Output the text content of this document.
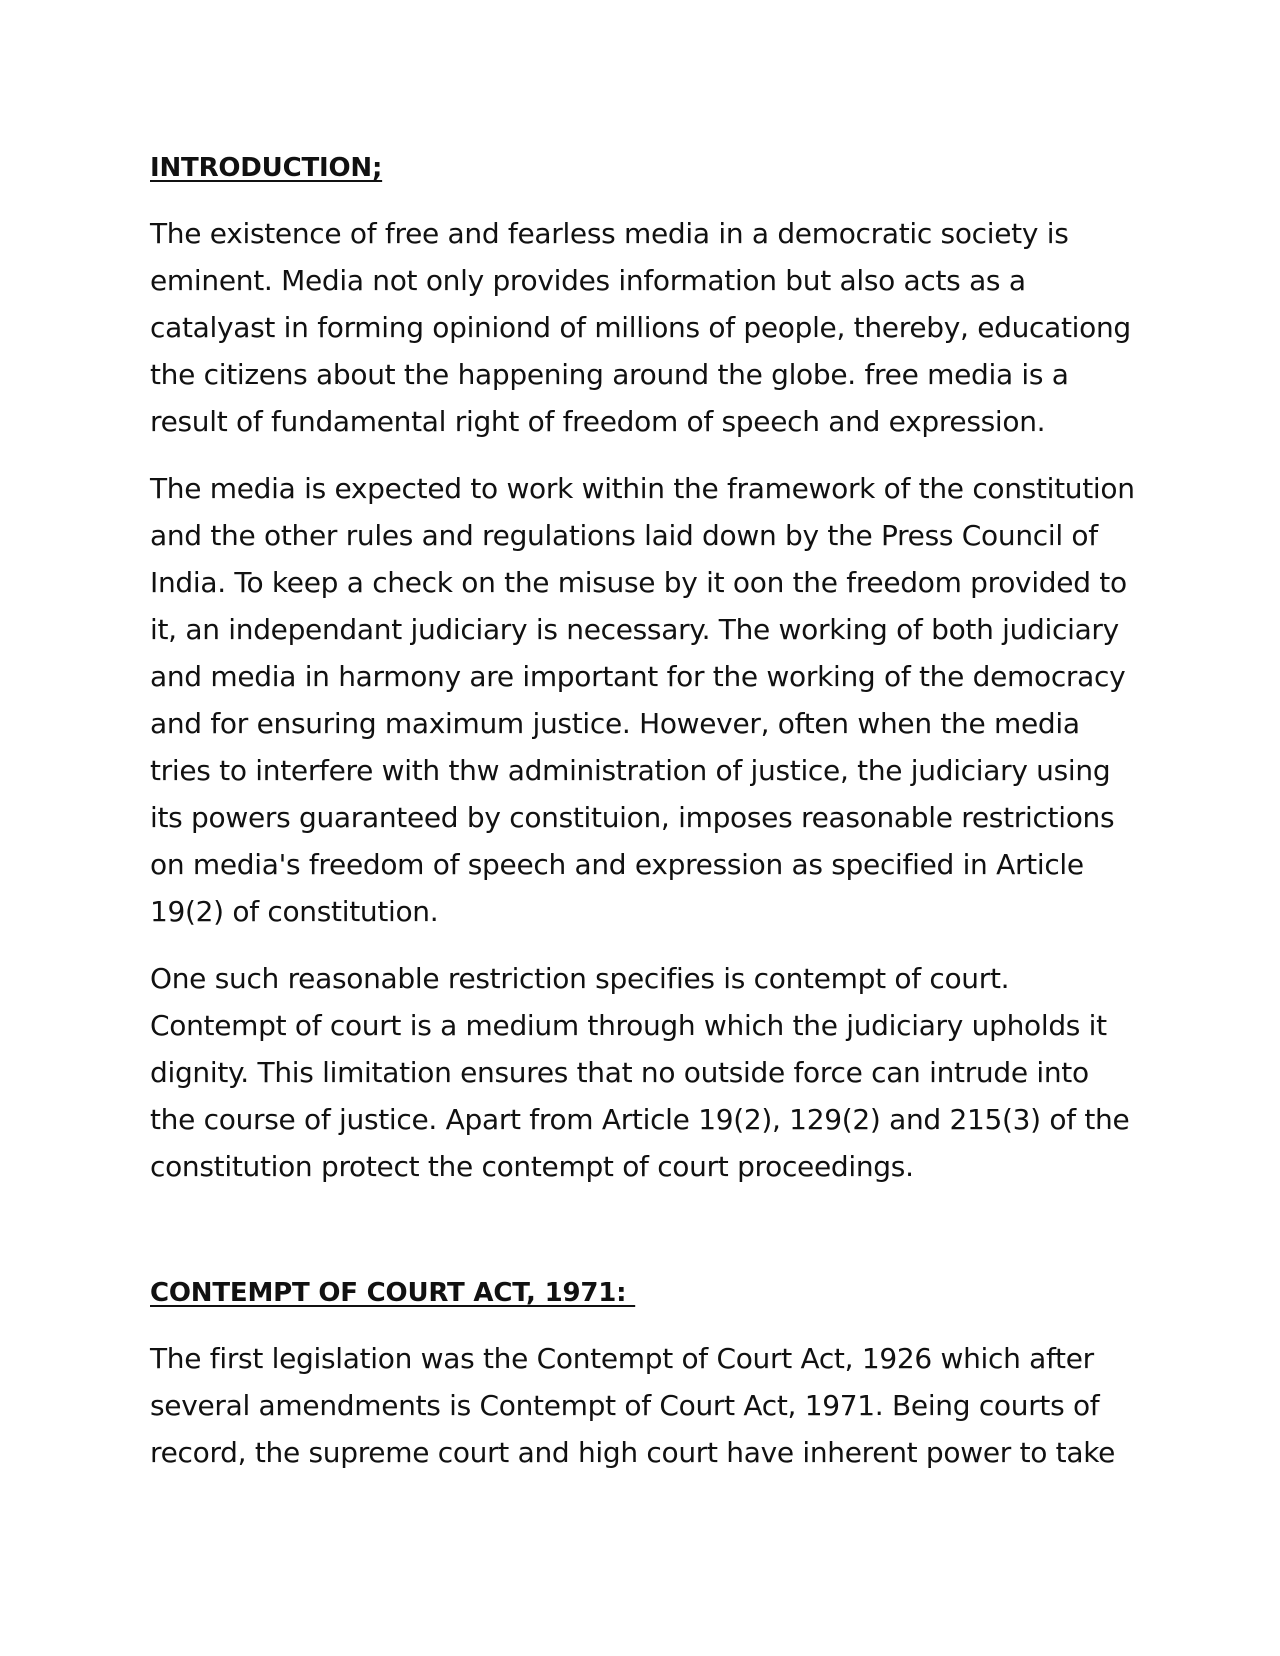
INTRODUCTION;

The existence of free and fearless media in a democratic society is eminent. Media not only provides information but also acts as a catalyast in forming opiniond of millions of people, thereby, educationg the citizens about the happening around the globe. free media is a result of fundamental right of freedom of speech and expression.

The media is expected to work within the framework of the constitution and the other rules and regulations laid down by the Press Council of India. To keep a check on the misuse by it oon the freedom provided to it, an independant judiciary is necessary. The working of both judiciary and media in harmony are important for the working of the democracy and for ensuring maximum justice. However, often when the media tries to interfere with thw administration of justice, the judiciary using its powers guaranteed by constituion, imposes reasonable restrictions on media's freedom of speech and expression as specified in Article 19(2) of constitution.

One such reasonable restriction specifies is contempt of court. Contempt of court is a medium through which the judiciary upholds it dignity. This limitation ensures that no outside force can intrude into the course of justice. Apart from Article 19(2), 129(2) and 215(3) of the constitution protect the contempt of court proceedings.

CONTEMPT OF COURT ACT, 1971:

The first legislation was the Contempt of Court Act, 1926 which after several amendments is Contempt of Court Act, 1971. Being courts of record, the supreme court and high court have inherent power to take
